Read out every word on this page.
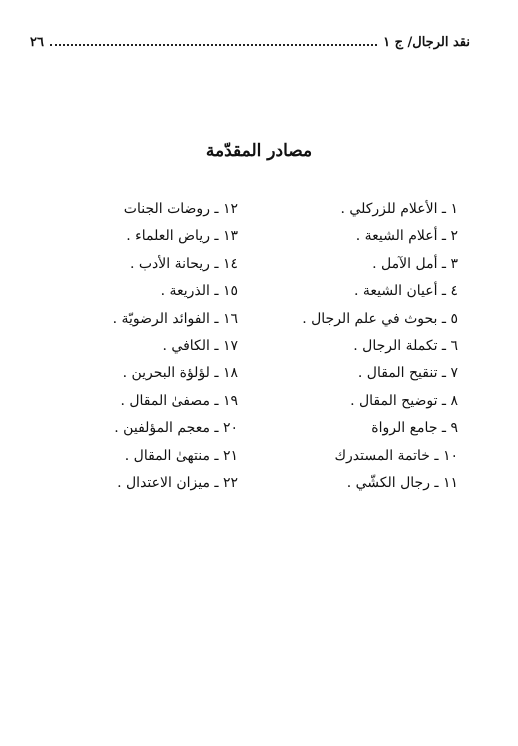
نقد الرجال/ ج ١
٢٦
مصادر المقدّمة
١ ـ الأعلام للزركلي .
٢ ـ أعلام الشيعة .
٣ ـ أمل الآمل .
٤ ـ أعيان الشيعة .
٥ ـ بحوث في علم الرجال .
٦ ـ تكملة الرجال .
٧ ـ تنقيح المقال .
٨ ـ توضيح المقال .
٩ ـ جامع الرواة
١٠ ـ خاتمة المستدرك
١١ ـ رجال الكشّي .
١٢ ـ روضات الجنات
١٣ ـ رياض العلماء .
١٤ ـ ريحانة الأدب .
١٥ ـ الذريعة .
١٦ ـ الفوائد الرضويّة .
١٧ ـ الكافي .
١٨ ـ لؤلؤة البحرين .
١٩ ـ مصفىٰ المقال .
٢٠ ـ معجم المؤلفين .
٢١ ـ منتهىٰ المقال .
٢٢ ـ ميزان الاعتدال .
